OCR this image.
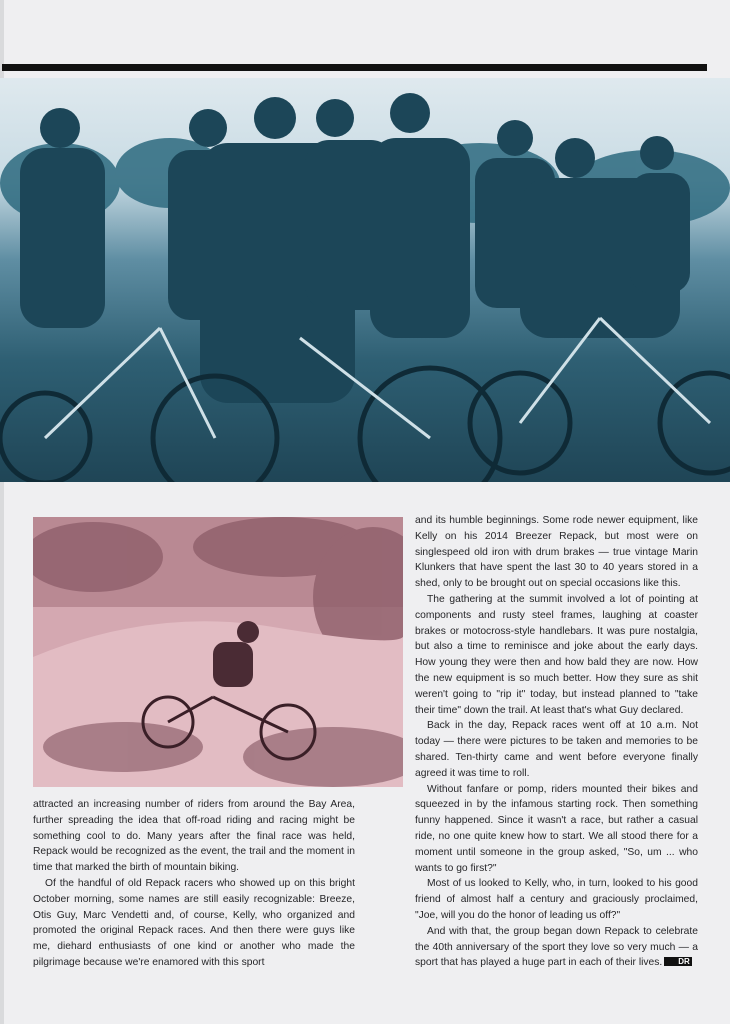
and its humble beginnings. Some rode newer equipment, like Kelly on his 2014 Breezer Repack, but most were on singlespeed old iron with drum brakes — true vintage Marin Klunkers that have spent the last 30 to 40 years stored in a shed, only to be brought out on special occasions like this.

The gathering at the summit involved a lot of pointing at components and rusty steel frames, laughing at coaster brakes or motocross-style handlebars. It was pure nostalgia, but also a time to reminisce and joke about the early days. How young they were then and how bald they are now. How the new equipment is so much better. How they sure as shit weren't going to "rip it" today, but instead planned to "take their time" down the trail. At least that's what Guy declared.

Back in the day, Repack races went off at 10 a.m. Not today — there were pictures to be taken and memories to be shared. Ten-thirty came and went before everyone finally agreed it was time to roll.

Without fanfare or pomp, riders mounted their bikes and squeezed in by the infamous starting rock. Then something funny happened. Since it wasn't a race, but rather a casual ride, no one quite knew how to start. We all stood there for a moment until someone in the group asked, "So, um ... who wants to go first?"

Most of us looked to Kelly, who, in turn, looked to his good friend of almost half a century and graciously proclaimed, "Joe, will you do the honor of leading us off?"

And with that, the group began down Repack to celebrate the 40th anniversary of the sport they love so very much — a sport that has played a huge part in each of their lives. DR

attracted an increasing number of riders from around the Bay Area, further spreading the idea that off-road riding and racing might be something cool to do. Many years after the final race was held, Repack would be recognized as the event, the trail and the moment in time that marked the birth of mountain biking.

Of the handful of old Repack racers who showed up on this bright October morning, some names are still easily recognizable: Breeze, Otis Guy, Marc Vendetti and, of course, Kelly, who organized and promoted the original Repack races. And then there were guys like me, diehard enthusiasts of one kind or another who made the pilgrimage because we're enamored with this sport
